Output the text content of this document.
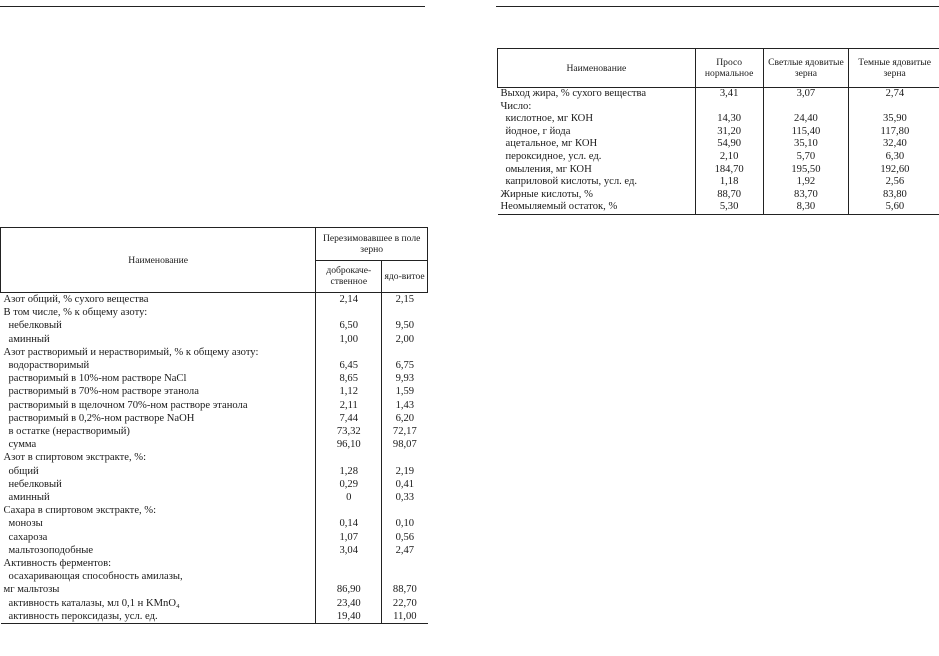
Наименование	Перезимовавшее в поле зерно	
	доброкаче-ственное	ядо-витое
Азот общий, % сухого вещества	2,14	2,15
В том числе, % к общему азоту:		
небелковый	6,50	9,50
аминный	1,00	2,00
Азот растворимый и нерастворимый, % к общему азоту:		
водорастворимый	6,45	6,75
растворимый в 10%-ном растворе NaCl	8,65	9,93
растворимый в 70%-ном растворе этанола	1,12	1,59
растворимый в щелочном 70%-ном растворе этанола	2,11	1,43
растворимый в 0,2%-ном растворе NaOH	7,44	6,20
в остатке (нерастворимый)	73,32	72,17
сумма	96,10	98,07
Азот в спиртовом экстракте, %:		
общий	1,28	2,19
небелковый	0,29	0,41
аминный	0	0,33
Сахара в спиртовом экстракте, %:		
монозы	0,14	0,10
сахароза	1,07	0,56
мальтозоподобные	3,04	2,47
Активность ферментов:		
осахаривающая способность амилазы,		
мг мальтозы	86,90	88,70
активность каталазы, мл 0,1 н KMnO₄	23,40	22,70
активность пероксидазы, усл. ед.	19,40	11,00
Наименование	Просо нормальное	Светлые ядовитые зерна	Темные ядовитые зерна
Выход жира, % сухого вещества	3,41	3,07	2,74
Число:			
кислотное, мг КОН	14,30	24,40	35,90
йодное, г йода	31,20	115,40	117,80
ацетальное, мг КОН	54,90	35,10	32,40
пероксидное, усл. ед.	2,10	5,70	6,30
омыления, мг КОН	184,70	195,50	192,60
каприловой кислоты, усл. ед.	1,18	1,92	2,56
Жирные кислоты, %	88,70	83,70	83,80
Неомыляемый остаток, %	5,30	8,30	5,60
